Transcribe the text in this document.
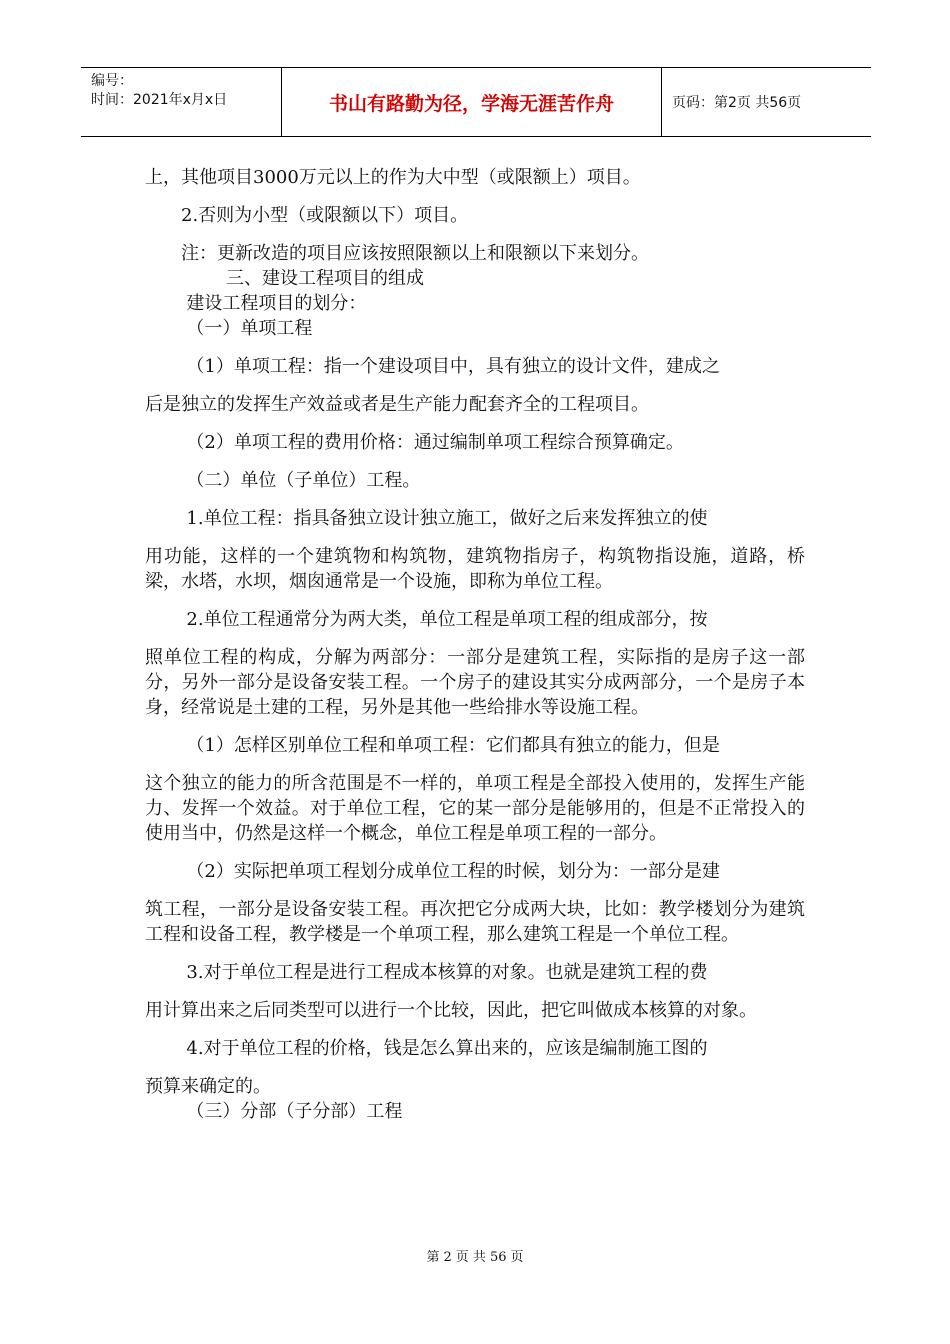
编号：
时间：2021年x月x日	书山有路勤为径，学海无涯苦作舟	页码：第2页 共56页

上，其他项目3000万元以上的作为大中型（或限额上）项目。

2.否则为小型（或限额以下）项目。

注：更新改造的项目应该按照限额以上和限额以下来划分。

三、建设工程项目的组成

建设工程项目的划分：

（一）单项工程

（1）单项工程：指一个建设项目中，具有独立的设计文件，建成之

后是独立的发挥生产效益或者是生产能力配套齐全的工程项目。

（2）单项工程的费用价格：通过编制单项工程综合预算确定。

（二）单位（子单位）工程。

1.单位工程：指具备独立设计独立施工，做好之后来发挥独立的使

用功能，这样的一个建筑物和构筑物，建筑物指房子，构筑物指设施，道路，桥梁，水塔，水坝，烟囱通常是一个设施，即称为单位工程。

2.单位工程通常分为两大类，单位工程是单项工程的组成部分，按

照单位工程的构成，分解为两部分：一部分是建筑工程，实际指的是房子这一部分，另外一部分是设备安装工程。一个房子的建设其实分成两部分，一个是房子本身，经常说是土建的工程，另外是其他一些给排水等设施工程。

（1）怎样区别单位工程和单项工程：它们都具有独立的能力，但是

这个独立的能力的所含范围是不一样的，单项工程是全部投入使用的，发挥生产能力、发挥一个效益。对于单位工程，它的某一部分是能够用的，但是不正常投入的使用当中，仍然是这样一个概念，单位工程是单项工程的一部分。

（2）实际把单项工程划分成单位工程的时候，划分为：一部分是建

筑工程，一部分是设备安装工程。再次把它分成两大块，比如：教学楼划分为建筑工程和设备工程，教学楼是一个单项工程，那么建筑工程是一个单位工程。

3.对于单位工程是进行工程成本核算的对象。也就是建筑工程的费

用计算出来之后同类型可以进行一个比较，因此，把它叫做成本核算的对象。

4.对于单位工程的价格，钱是怎么算出来的，应该是编制施工图的

预算来确定的。

（三）分部（子分部）工程

第 2 页 共 56 页
